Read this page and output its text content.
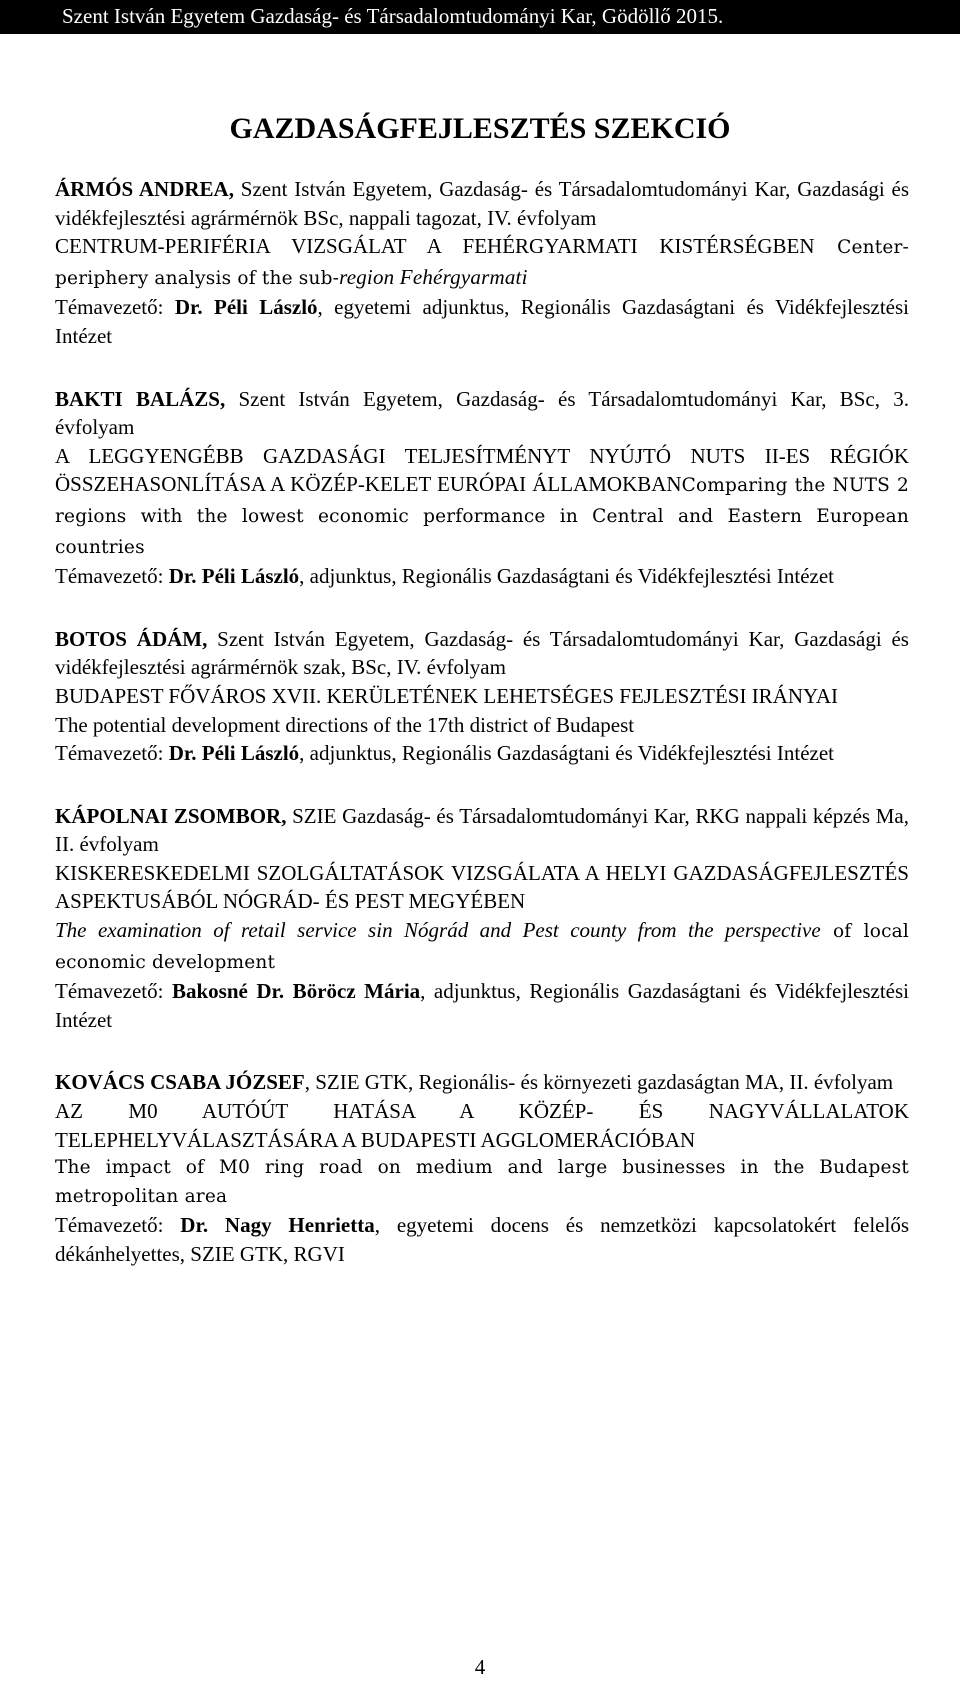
Szent István Egyetem Gazdaság- és Társadalomtudományi Kar, Gödöllő 2015.
GAZDASÁGFEJLESZTÉS SZEKCIÓ

ÁRMÓS ANDREA, Szent István Egyetem, Gazdaság- és Társadalomtudományi Kar, Gazdasági és vidékfejlesztési agrármérnök BSc, nappali tagozat, IV. évfolyam

CENTRUM-PERIFÉRIA VIZSGÁLAT A FEHÉRGYARMATI KISTÉRSÉGBEN Center-periphery analysis of the sub-region Fehérgyarmati

Témavezető: Dr. Péli László, egyetemi adjunktus, Regionális Gazdaságtani és Vidékfejlesztési Intézet

BAKTI BALÁZS, Szent István Egyetem, Gazdaság- és Társadalomtudományi Kar, BSc, 3. évfolyam

A LEGGYENGÉBB GAZDASÁGI TELJESÍTMÉNYT NYÚJTÓ NUTS II-ES RÉGIÓK ÖSSZEHASONLÍTÁSA A KÖZÉP-KELET EURÓPAI ÁLLAMOKBANComparing the NUTS 2 regions with the lowest economic performance in Central and Eastern European countries

Témavezető: Dr. Péli László, adjunktus, Regionális Gazdaságtani és Vidékfejlesztési Intézet

BOTOS ÁDÁM, Szent István Egyetem, Gazdaság- és Társadalomtudományi Kar, Gazdasági és vidékfejlesztési agrármérnök szak, BSc, IV. évfolyam

BUDAPEST FŐVÁROS XVII. KERÜLETÉNEK LEHETSÉGES FEJLESZTÉSI IRÁNYAI

The potential development directions of the 17th district of Budapest

Témavezető: Dr. Péli László, adjunktus, Regionális Gazdaságtani és Vidékfejlesztési Intézet

KÁPOLNAI ZSOMBOR, SZIE Gazdaság- és Társadalomtudományi Kar, RKG nappali képzés Ma, II. évfolyam

KISKERESKEDELMI SZOLGÁLTATÁSOK VIZSGÁLATA A HELYI GAZDASÁGFEJLESZTÉS ASPEKTUSÁBÓL NÓGRÁD- ÉS PEST MEGYÉBEN

The examination of retail service sin Nógrád and Pest county from the perspective of local economic development

Témavezető: Bakosné Dr. Böröcz Mária, adjunktus, Regionális Gazdaságtani és Vidékfejlesztési Intézet

KOVÁCS CSABA JÓZSEF, SZIE GTK, Regionális- és környezeti gazdaságtan MA, II. évfolyam

AZ M0 AUTÓÚT HATÁSA A KÖZÉP- ÉS NAGYVÁLLALATOK TELEPHELYVÁLASZTÁSÁRA A BUDAPESTI AGGLOMERÁCIÓBAN

The impact of M0 ring road on medium and large businesses in the Budapest metropolitan area

Témavezető: Dr. Nagy Henrietta, egyetemi docens és nemzetközi kapcsolatokért felelős dékánhelyettes, SZIE GTK, RGVI

4
